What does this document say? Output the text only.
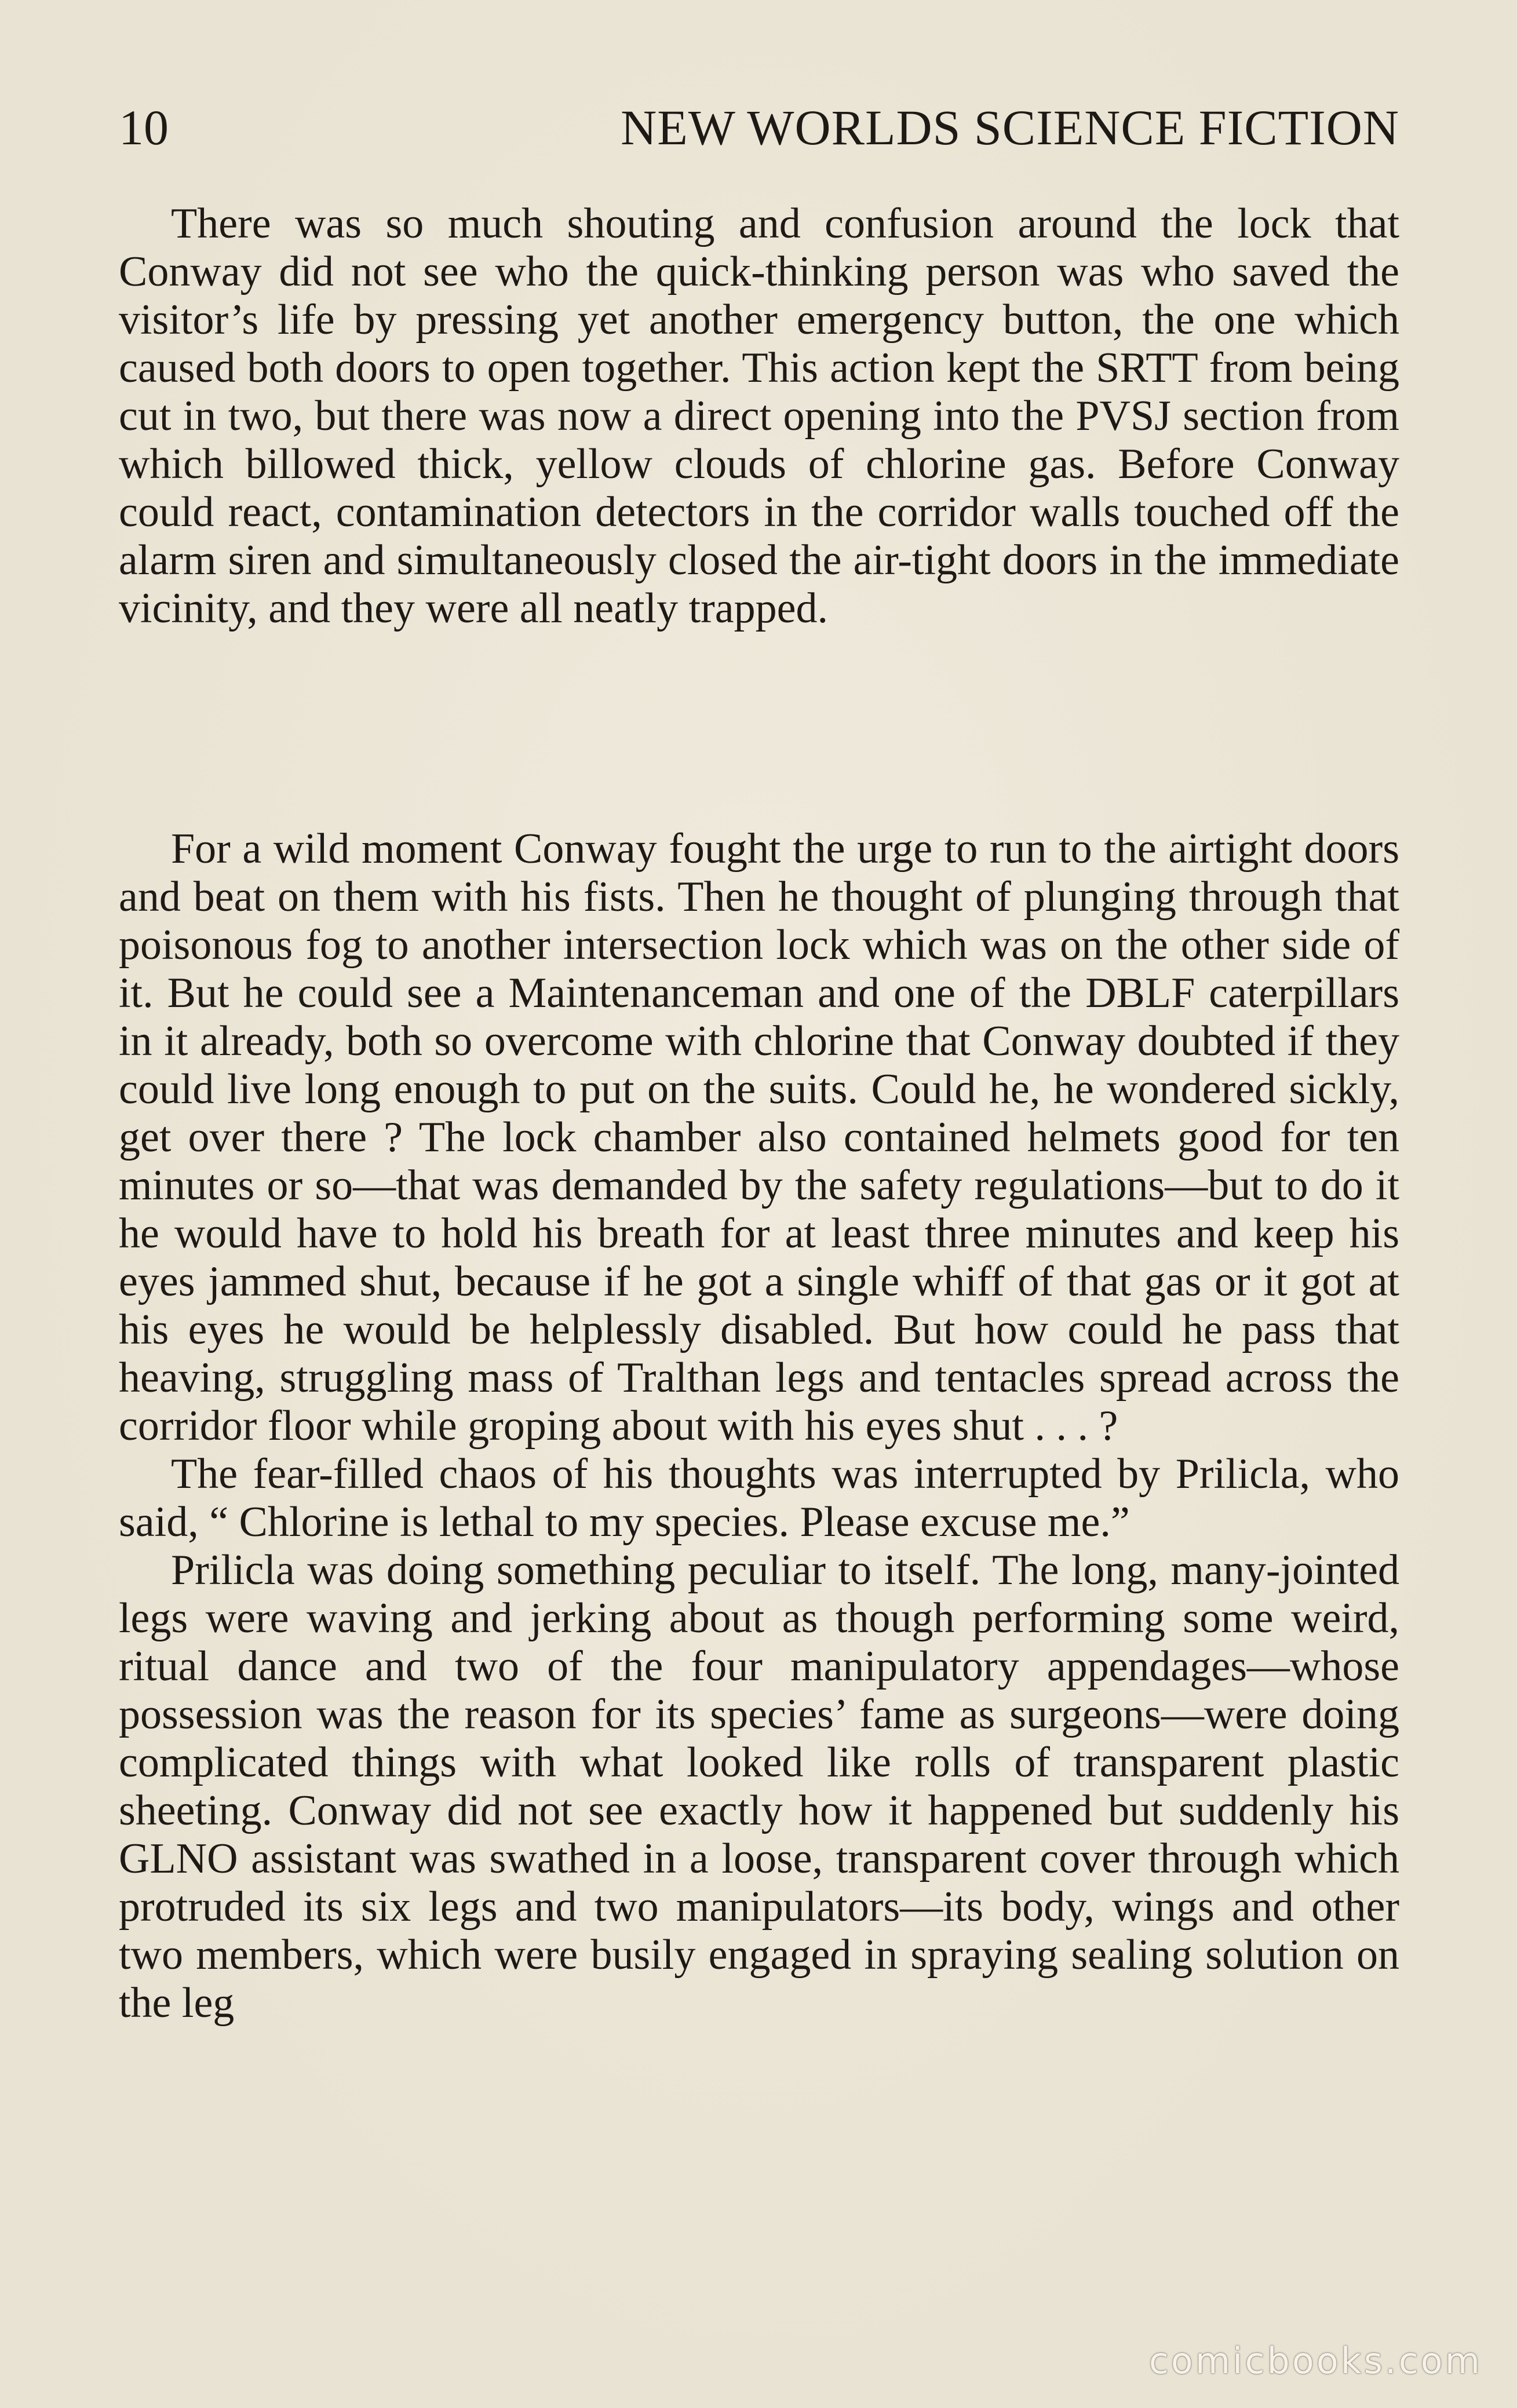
10	NEW WORLDS SCIENCE FICTION

There was so much shouting and confusion around the lock that Conway did not see who the quick-thinking person was who saved the visitor’s life by pressing yet another emergency button, the one which caused both doors to open together. This action kept the SRTT from being cut in two, but there was now a direct opening into the PVSJ section from which billowed thick, yellow clouds of chlorine gas. Before Conway could react, contamination detectors in the corridor walls touched off the alarm siren and simultaneously closed the air-tight doors in the immediate vicinity, and they were all neatly trapped.

For a wild moment Conway fought the urge to run to the airtight doors and beat on them with his fists. Then he thought of plunging through that poisonous fog to another intersection lock which was on the other side of it. But he could see a Maintenanceman and one of the DBLF caterpillars in it already, both so overcome with chlorine that Conway doubted if they could live long enough to put on the suits. Could he, he wondered sickly, get over there ? The lock chamber also contained helmets good for ten minutes or so—that was demanded by the safety regulations—but to do it he would have to hold his breath for at least three minutes and keep his eyes jammed shut, because if he got a single whiff of that gas or it got at his eyes he would be helplessly disabled. But how could he pass that heaving, struggling mass of Tralthan legs and tentacles spread across the corridor floor while groping about with his eyes shut . . . ?

The fear-filled chaos of his thoughts was interrupted by Prilicla, who said, “ Chlorine is lethal to my species. Please excuse me.”

Prilicla was doing something peculiar to itself. The long, many-jointed legs were waving and jerking about as though performing some weird, ritual dance and two of the four manipulatory appendages—whose possession was the reason for its species’ fame as surgeons—were doing complicated things with what looked like rolls of transparent plastic sheeting. Conway did not see exactly how it happened but suddenly his GLNO assistant was swathed in a loose, transparent cover through which protruded its six legs and two manipulators—its body, wings and other two members, which were busily engaged in spraying sealing solution on the leg

comicbooks.com
